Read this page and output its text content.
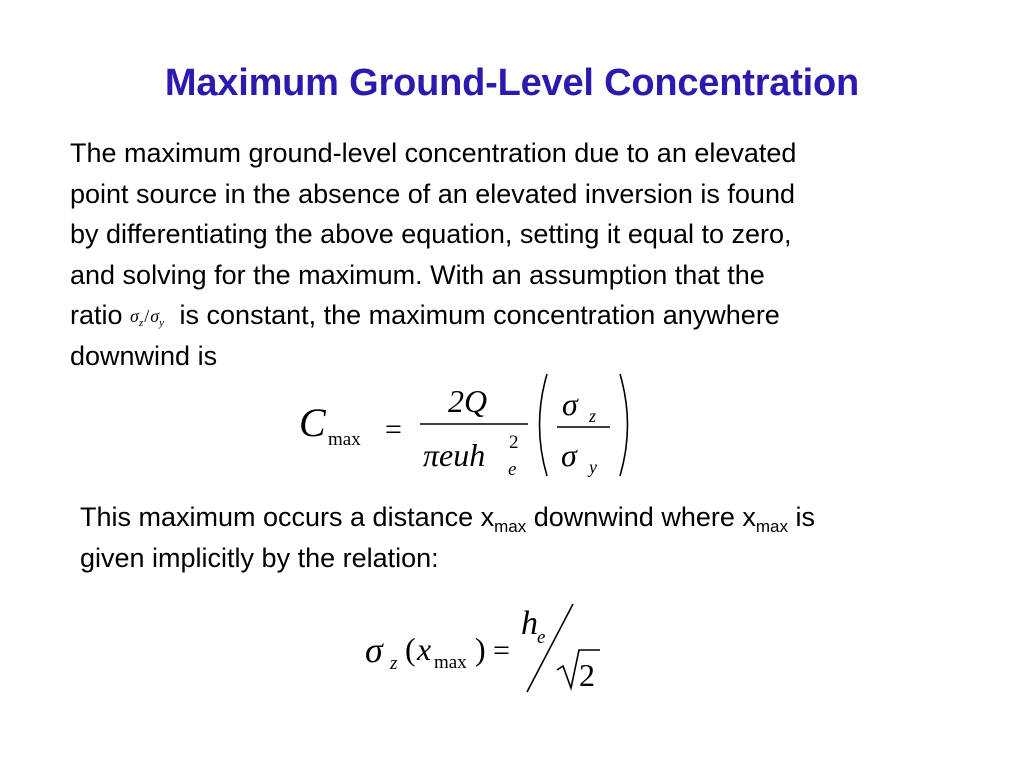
Maximum Ground-Level Concentration
The maximum ground-level concentration due to an elevated
point source in the absence of an elevated inversion is found
by differentiating the above equation, setting it equal to zero,
and solving for the maximum. With an assumption that the
ratio $\sigma_z/\sigma_y$ is constant, the maximum concentration anywhere
downwind is
C max =
2Q
πeuh 2
e
σ z
σ y
This maximum occurs a distance $x_{max}$ downwind where $x_{max}$ is
given implicitly by the relation:
σ z ( x max ) =
h e
2
